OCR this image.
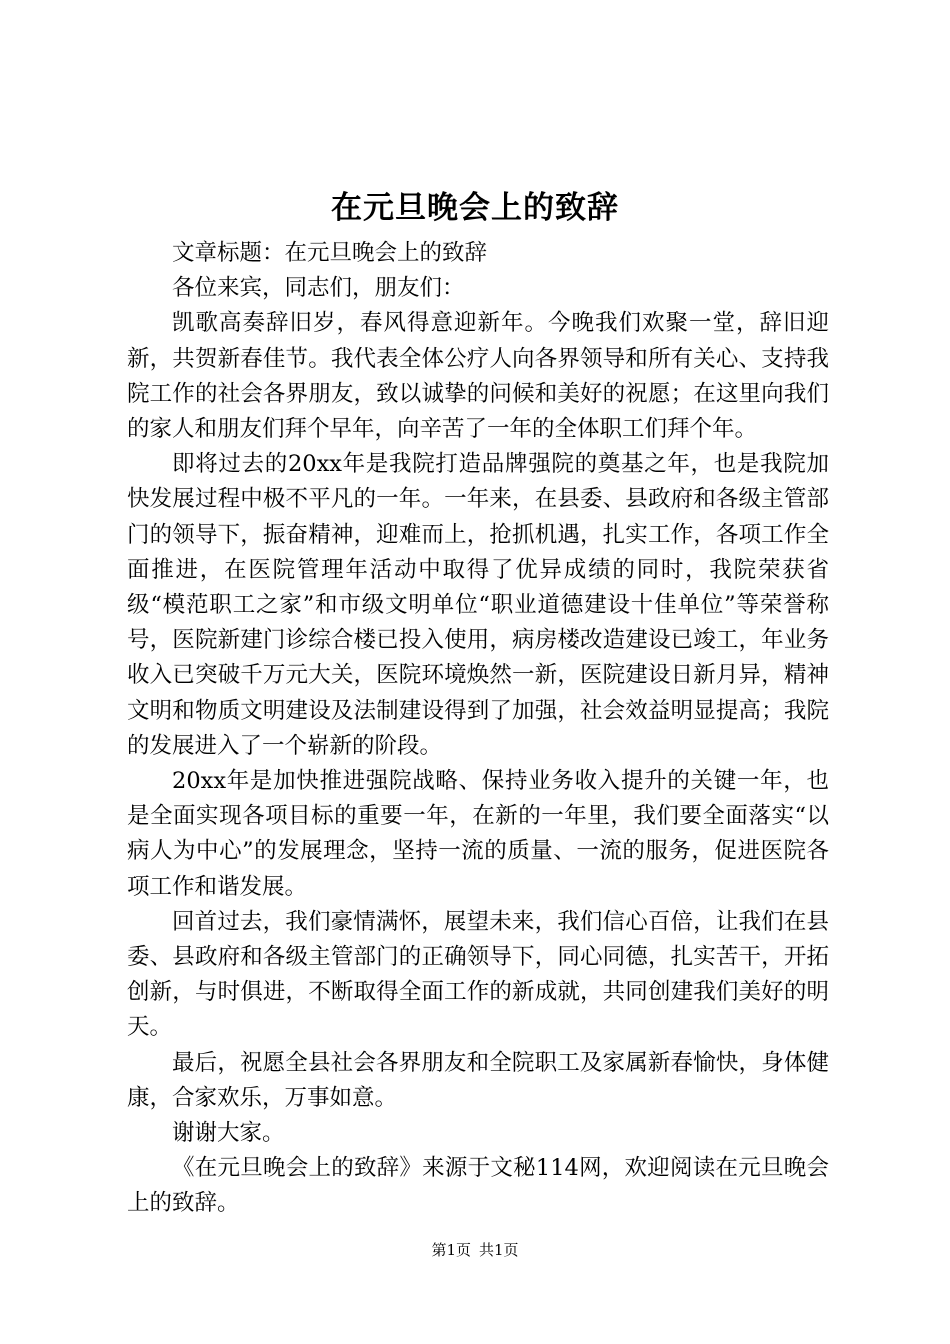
在元旦晚会上的致辞

文章标题：在元旦晚会上的致辞

各位来宾，同志们，朋友们：

凯歌高奏辞旧岁，春风得意迎新年。今晚我们欢聚一堂，辞旧迎新，共贺新春佳节。我代表全体公疗人向各界领导和所有关心、支持我院工作的社会各界朋友，致以诚挚的问候和美好的祝愿；在这里向我们的家人和朋友们拜个早年，向辛苦了一年的全体职工们拜个年。

即将过去的20xx年是我院打造品牌强院的奠基之年，也是我院加快发展过程中极不平凡的一年。一年来，在县委、县政府和各级主管部门的领导下，振奋精神，迎难而上，抢抓机遇，扎实工作，各项工作全面推进，在医院管理年活动中取得了优异成绩的同时，我院荣获省级“模范职工之家”和市级文明单位“职业道德建设十佳单位”等荣誉称号，医院新建门诊综合楼已投入使用，病房楼改造建设已竣工，年业务收入已突破千万元大关，医院环境焕然一新，医院建设日新月异，精神文明和物质文明建设及法制建设得到了加强，社会效益明显提高；我院的发展进入了一个崭新的阶段。

20xx年是加快推进强院战略、保持业务收入提升的关键一年，也是全面实现各项目标的重要一年，在新的一年里，我们要全面落实“以病人为中心”的发展理念，坚持一流的质量、一流的服务，促进医院各项工作和谐发展。

回首过去，我们豪情满怀，展望未来，我们信心百倍，让我们在县委、县政府和各级主管部门的正确领导下，同心同德，扎实苦干，开拓创新，与时俱进，不断取得全面工作的新成就，共同创建我们美好的明天。

最后，祝愿全县社会各界朋友和全院职工及家属新春愉快，身体健康，合家欢乐，万事如意。

谢谢大家。

《在元旦晚会上的致辞》来源于文秘114网，欢迎阅读在元旦晚会上的致辞。

第1页 共1页
